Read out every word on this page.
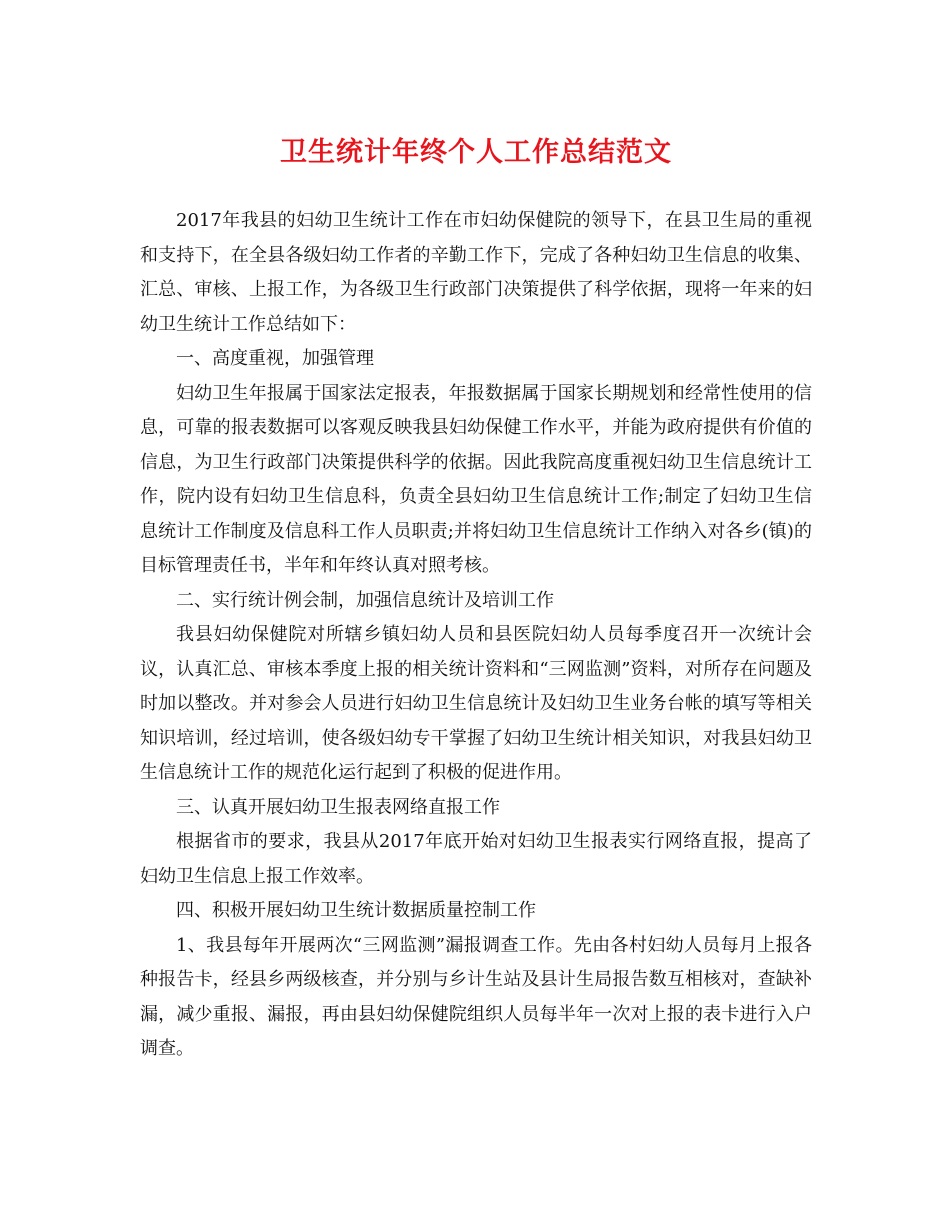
卫生统计年终个人工作总结范文

2017年我县的妇幼卫生统计工作在市妇幼保健院的领导下，在县卫生局的重视和支持下，在全县各级妇幼工作者的辛勤工作下，完成了各种妇幼卫生信息的收集、汇总、审核、上报工作，为各级卫生行政部门决策提供了科学依据，现将一年来的妇幼卫生统计工作总结如下：

一、高度重视，加强管理

妇幼卫生年报属于国家法定报表，年报数据属于国家长期规划和经常性使用的信息，可靠的报表数据可以客观反映我县妇幼保健工作水平，并能为政府提供有价值的信息，为卫生行政部门决策提供科学的依据。因此我院高度重视妇幼卫生信息统计工作，院内设有妇幼卫生信息科，负责全县妇幼卫生信息统计工作;制定了妇幼卫生信息统计工作制度及信息科工作人员职责;并将妇幼卫生信息统计工作纳入对各乡(镇)的目标管理责任书，半年和年终认真对照考核。

二、实行统计例会制，加强信息统计及培训工作

我县妇幼保健院对所辖乡镇妇幼人员和县医院妇幼人员每季度召开一次统计会议，认真汇总、审核本季度上报的相关统计资料和“三网监测”资料，对所存在问题及时加以整改。并对参会人员进行妇幼卫生信息统计及妇幼卫生业务台帐的填写等相关知识培训，经过培训，使各级妇幼专干掌握了妇幼卫生统计相关知识，对我县妇幼卫生信息统计工作的规范化运行起到了积极的促进作用。

三、认真开展妇幼卫生报表网络直报工作

根据省市的要求，我县从2017年底开始对妇幼卫生报表实行网络直报，提高了妇幼卫生信息上报工作效率。

四、积极开展妇幼卫生统计数据质量控制工作

1、我县每年开展两次“三网监测”漏报调查工作。先由各村妇幼人员每月上报各种报告卡，经县乡两级核查，并分别与乡计生站及县计生局报告数互相核对，查缺补漏，减少重报、漏报，再由县妇幼保健院组织人员每半年一次对上报的表卡进行入户调查。
